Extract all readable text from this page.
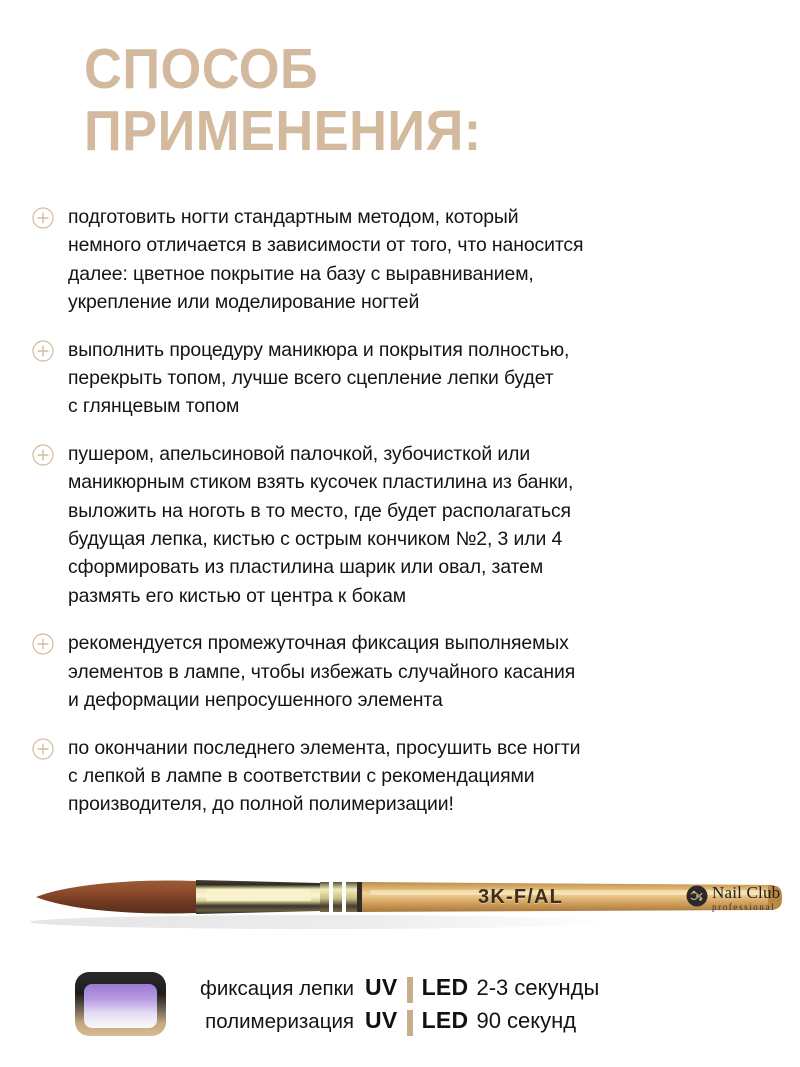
СПОСОБ
ПРИМЕНЕНИЯ:
подготовить ногти стандартным методом, который
немного отличается в зависимости от того, что наносится
далее: цветное покрытие на базу с выравниванием,
укрепление или моделирование ногтей
выполнить процедуру маникюра и покрытия полностью,
перекрыть топом, лучше всего сцепление лепки будет
с глянцевым топом
пушером, апельсиновой палочкой, зубочисткой или
маникюрным стиком взять кусочек пластилина из банки,
выложить на ноготь в то место, где будет располагаться
будущая лепка, кистью с острым кончиком №2, 3 или 4
сформировать из пластилина шарик или овал, затем
размять его кистью от центра к бокам
рекомендуется промежуточная фиксация выполняемых
элементов в лампе, чтобы избежать случайного касания
и деформации непросушенного элемента
по окончании последнего элемента, просушить все ногти
с лепкой в лампе в соответствии с рекомендациями
производителя, до полной полимеризации!
3K-F/AL	Nail Club
professional
фиксация лепки UV LED 2-3 секунды
полимеризация UV LED 90 секунд
